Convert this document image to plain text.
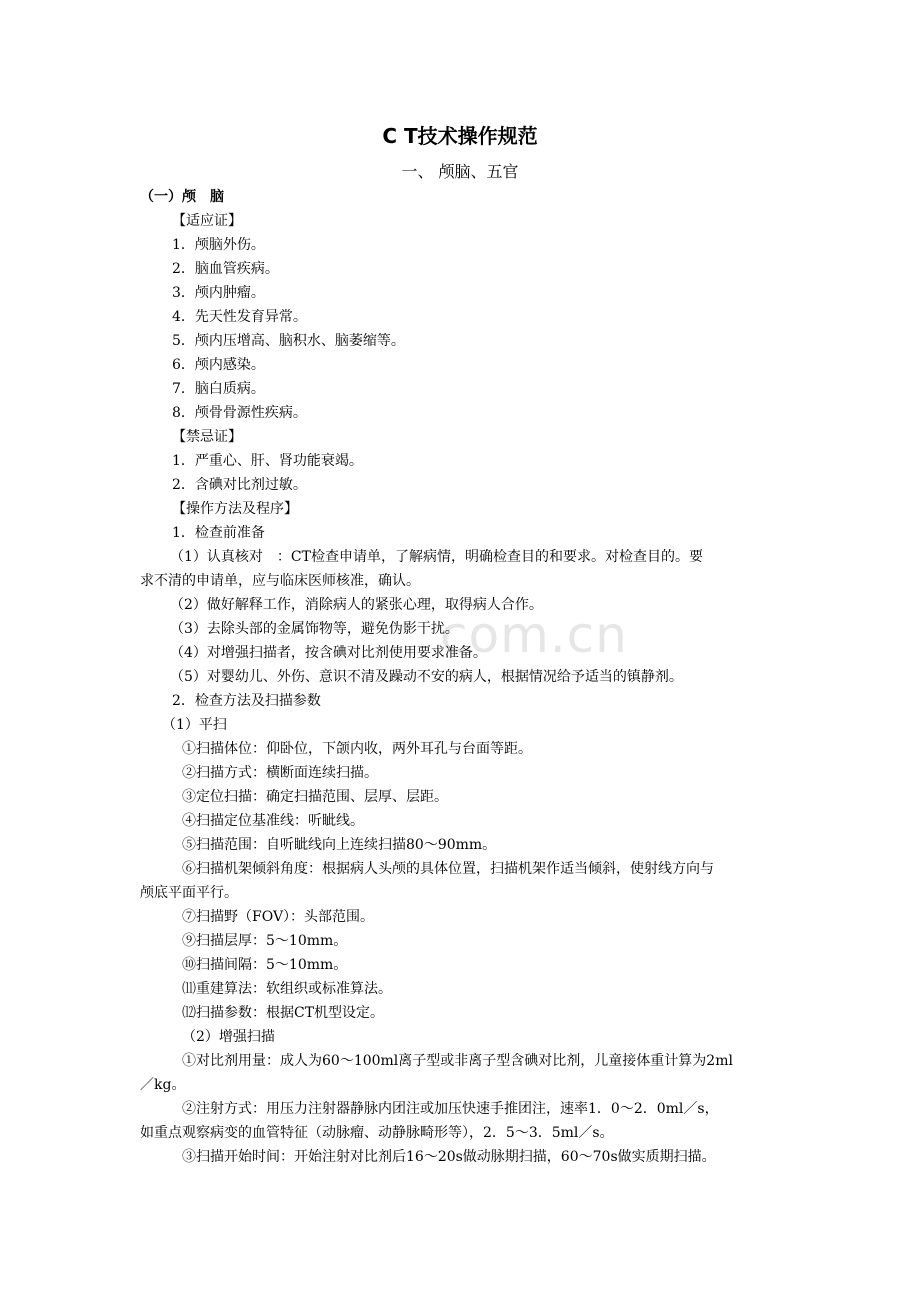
com.cn
C T技术操作规范
一、 颅脑、五官
（一）颅　脑
【适应证】
1．颅脑外伤。
2．脑血管疾病。
3．颅内肿瘤。
4．先天性发育异常。
5．颅内压增高、脑积水、脑萎缩等。
6．颅内感染。
7．脑白质病。
8．颅骨骨源性疾病。
【禁忌证】
1．严重心、肝、肾功能衰竭。
2．含碘对比剂过敏。
【操作方法及程序】
1．检查前准备
（1）认真核对　：CT检查申请单，了解病情，明确检查目的和要求。对检查目的。要
求不清的申请单，应与临床医师核准，确认。
（2）做好解释工作，消除病人的紧张心理，取得病人合作。
（3）去除头部的金属饰物等，避免伪影干扰。
（4）对增强扫描者，按含碘对比剂使用要求准备。
（5）对婴幼儿、外伤、意识不清及躁动不安的病人，根据情况给予适当的镇静剂。
2．检查方法及扫描参数
（1）平扫
①扫描体位：仰卧位，下颌内收，两外耳孔与台面等距。
②扫描方式：横断面连续扫描。
③定位扫描：确定扫描范围、层厚、层距。
④扫描定位基准线：听眦线。
⑤扫描范围：自听眦线向上连续扫描80～90mm。
⑥扫描机架倾斜角度：根据病人头颅的具体位置，扫描机架作适当倾斜，使射线方向与
颅底平面平行。
⑦扫描野（FOV）：头部范围。
⑨扫描层厚：5～10mm。
⑩扫描间隔：5～10mm。
⑾重建算法：软组织或标准算法。
⑿扫描参数：根据CT机型设定。
（2）增强扫描
①对比剂用量：成人为60～100ml离子型或非离子型含碘对比剂，儿童接体重计算为2ml
／kg。
②注射方式：用压力注射器静脉内团注或加压快速手推团注，速率1．0～2．0ml／s，
如重点观察病变的血管特征（动脉瘤、动静脉畸形等），2．5～3．5ml／s。
③扫描开始时间：开始注射对比剂后16～20s做动脉期扫描，60～70s做实质期扫描。
